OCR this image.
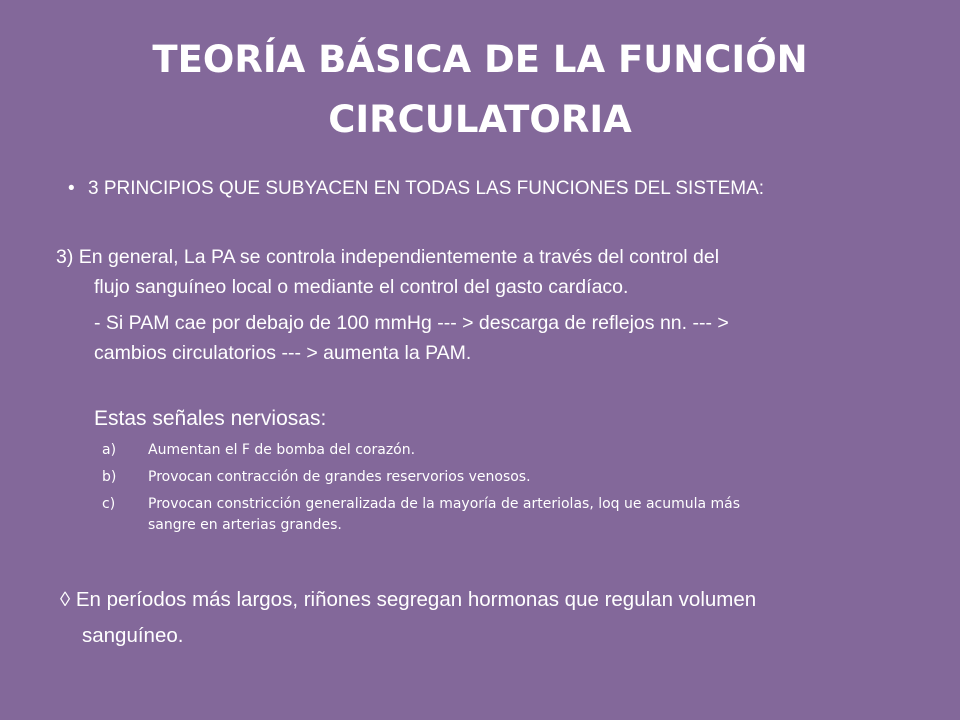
TEORÍA BÁSICA DE LA FUNCIÓN
CIRCULATORIA
• 3 PRINCIPIOS QUE SUBYACEN EN TODAS LAS FUNCIONES DEL SISTEMA:
3) En general, La PA se controla independientemente a través del control del
flujo sanguíneo local o mediante el control del gasto cardíaco.
- Si PAM cae por debajo de 100 mmHg --- > descarga de reflejos nn. --- >
cambios circulatorios --- > aumenta la PAM.
Estas señales nerviosas:
a) Aumentan el F de bomba del corazón.
b) Provocan contracción de grandes reservorios venosos.
c) Provocan constricción generalizada de la mayoría de arteriolas, loq ue acumula más
sangre en arterias grandes.
◊ En períodos más largos, riñones segregan hormonas que regulan volumen
sanguíneo.
